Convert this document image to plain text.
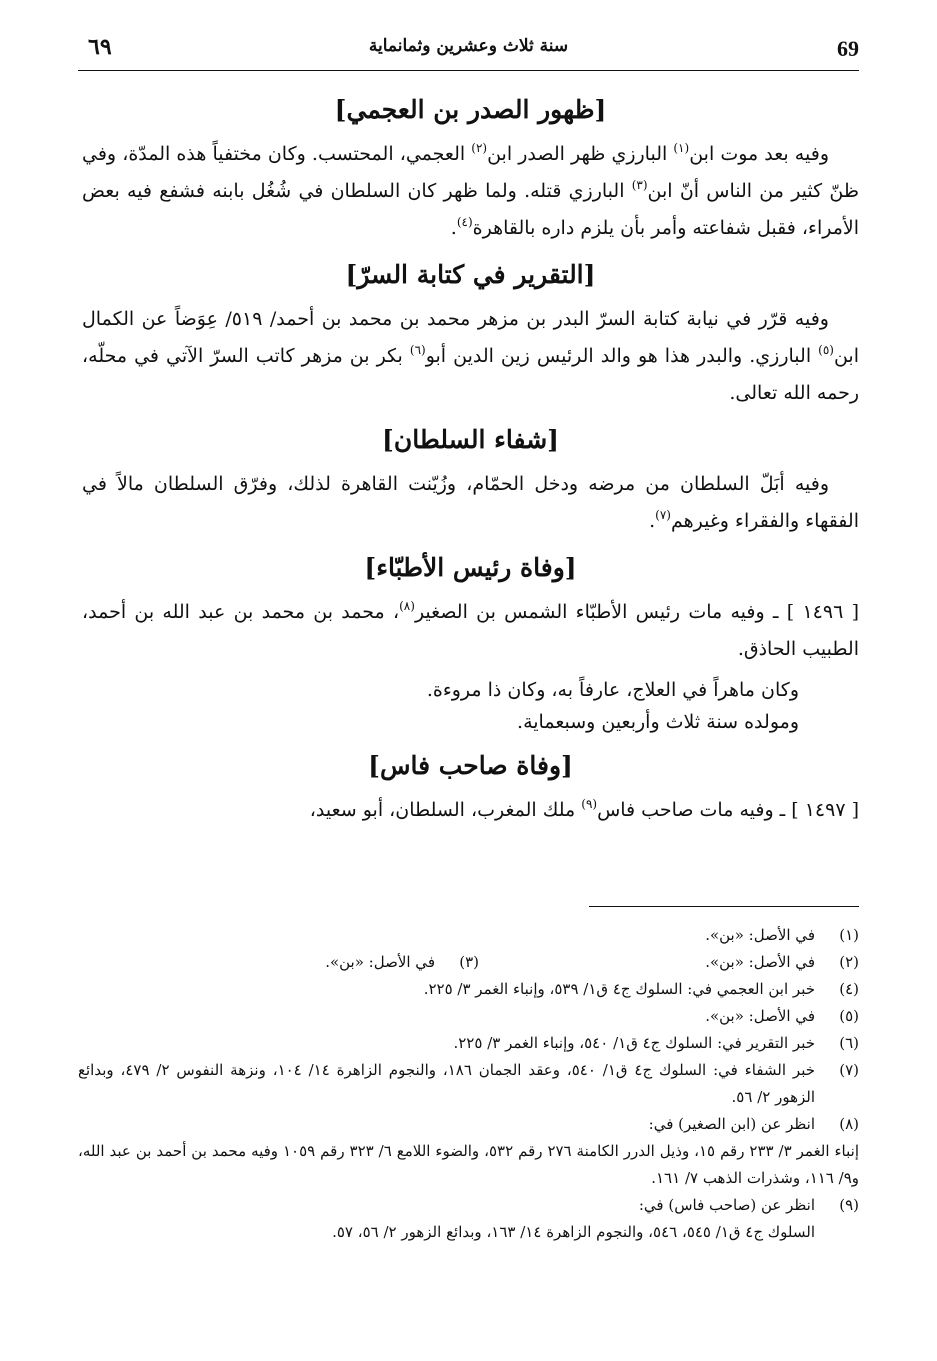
69
سنة ثلاث وعشرين وثمانماية
٦٩
[ظهور الصدر بن العجمي]

وفيه بعد موت ابن$^{(١)}$ البارزي ظهر الصدر ابن$^{(٢)}$ العجمي، المحتسب. وكان مختفياً هذه المدّة، وفي ظنّ كثير من الناس أنّ ابن$^{(٣)}$ البارزي قتله. ولما ظهر كان السلطان في شُغُل بابنه فشفع فيه بعض الأمراء، فقبل شفاعته وأمر بأن يلزم داره بالقاهرة$^{(٤)}$.

[التقرير في كتابة السرّ]

وفيه قرّر في نيابة كتابة السرّ البدر بن مزهر محمد بن محمد بن أحمد/ ٥١٩/ عِوَضاً عن الكمال ابن$^{(٥)}$ البارزي. والبدر هذا هو والد الرئيس زين الدين أبو$^{(٦)}$ بكر بن مزهر كاتب السرّ الآتي في محلّه، رحمه الله تعالى.

[شفاء السلطان]

وفيه أبَلّ السلطان من مرضه ودخل الحمّام، وزُيّنت القاهرة لذلك، وفرّق السلطان مالاً في الفقهاء والفقراء وغيرهم$^{(٧)}$.

[وفاة رئيس الأطبّاء]

[ ١٤٩٦ ] ـ وفيه مات رئيس الأطبّاء الشمس بن الصغير$^{(٨)}$، محمد بن محمد بن عبد الله بن أحمد، الطبيب الحاذق.

وكان ماهراً في العلاج، عارفاً به، وكان ذا مروءة.
ومولده سنة ثلاث وأربعين وسبعماية.
[وفاة صاحب فاس]

[ ١٤٩٧ ] ـ وفيه مات صاحب فاس$^{(٩)}$ ملك المغرب، السلطان، أبو سعيد،

(١)
في الأصل: «بن».
(٢)
في الأصل: «بن».
(٣)
في الأصل: «بن».
(٤)
خبر ابن العجمي في: السلوك ج٤ ق١/ ٥٣٩، وإنباء الغمر ٣/ ٢٢٥.
(٥)
في الأصل: «بن».
(٦)
خبر التقرير في: السلوك ج٤ ق١/ ٥٤٠، وإنباء الغمر ٣/ ٢٢٥.
(٧)
خبر الشفاء في: السلوك ج٤ ق١/ ٥٤٠، وعقد الجمان ١٨٦، والنجوم الزاهرة ١٤/ ١٠٤، ونزهة النفوس ٢/ ٤٧٩، وبدائع الزهور ٢/ ٥٦.
(٨)
انظر عن (ابن الصغير) في:
إنباء الغمر ٣/ ٢٣٣ رقم ١٥، وذيل الدرر الكامنة ٢٧٦ رقم ٥٣٢، والضوء اللامع ٦/ ٣٢٣ رقم ١٠٥٩ وفيه محمد بن أحمد بن عبد الله، و٩/ ١١٦، وشذرات الذهب ٧/ ١٦١.
(٩)
انظر عن (صاحب فاس) في:
السلوك ج٤ ق١/ ٥٤٥، ٥٤٦، والنجوم الزاهرة ١٤/ ١٦٣، وبدائع الزهور ٢/ ٥٦، ٥٧.
